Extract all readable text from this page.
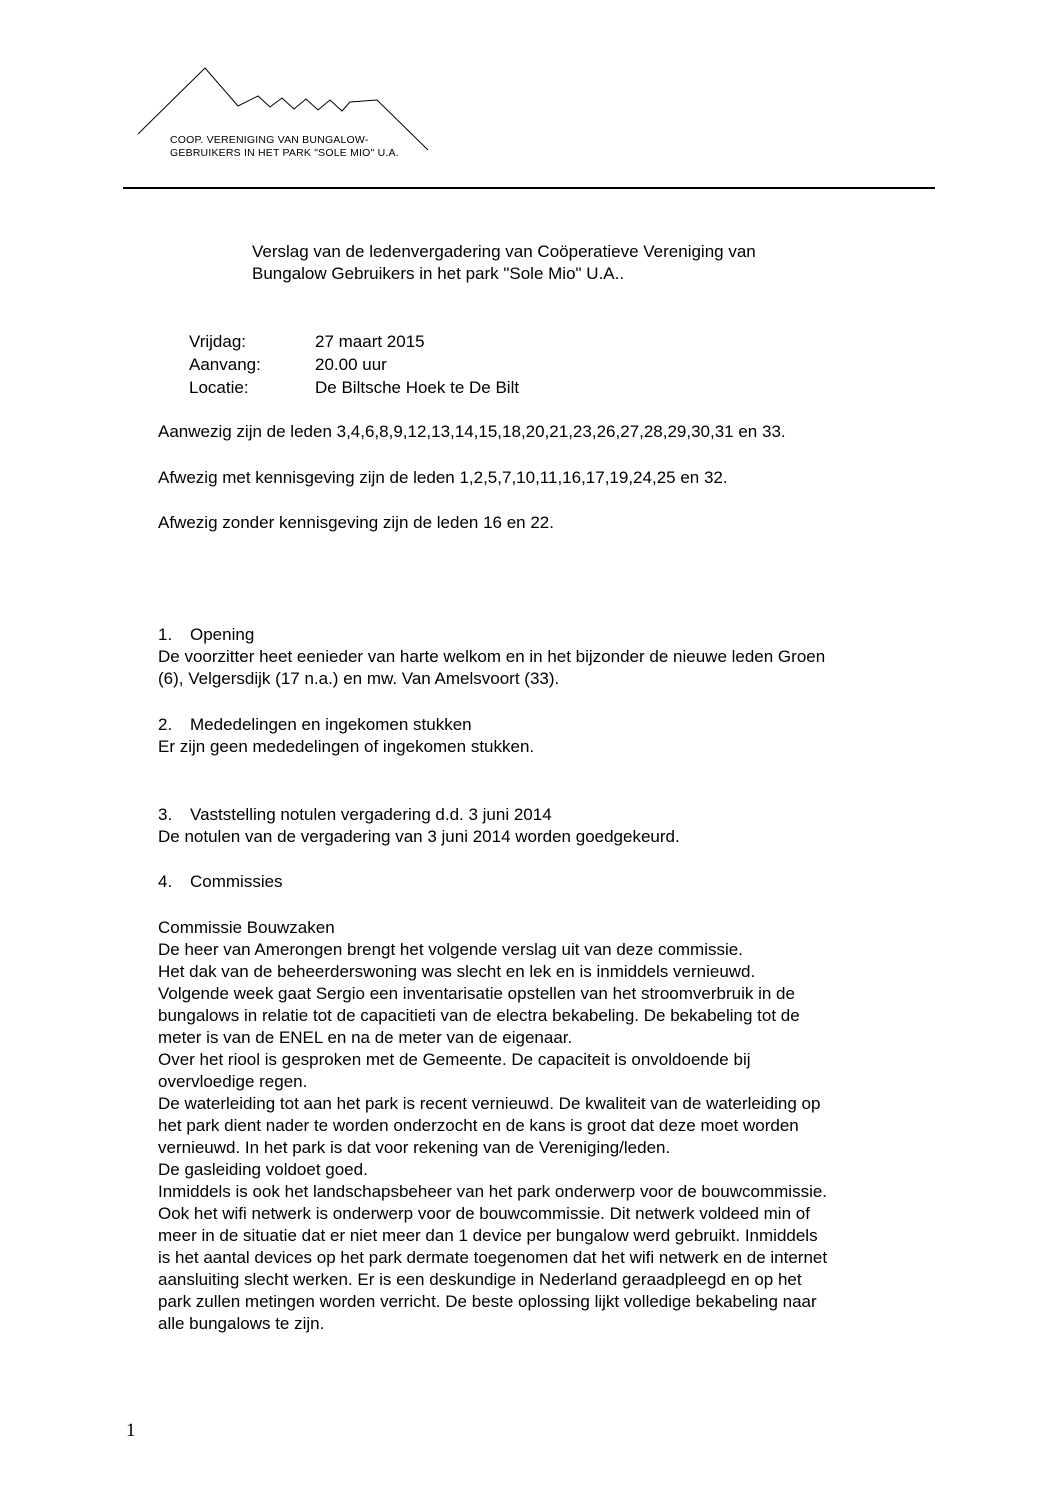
COOP. VERENIGING VAN BUNGALOW-
GEBRUIKERS IN HET PARK "SOLE MIO" U.A.
Verslag van de ledenvergadering van Coöperatieve Vereniging van
Bungalow Gebruikers in het park "Sole Mio" U.A..
Vrijdag:	27 maart 2015
Aanvang:	20.00 uur
Locatie:	De Biltsche Hoek te De Bilt
Aanwezig zijn de leden 3,4,6,8,9,12,13,14,15,18,20,21,23,26,27,28,29,30,31 en 33.
Afwezig met kennisgeving zijn de leden 1,2,5,7,10,11,16,17,19,24,25 en 32.
Afwezig zonder kennisgeving zijn de leden 16 en 22.
1.	Opening
De voorzitter heet eenieder van harte welkom en in het bijzonder de nieuwe leden Groen
(6), Velgersdijk (17 n.a.) en mw. Van Amelsvoort (33).
2.	Mededelingen en ingekomen stukken
Er zijn geen mededelingen of ingekomen stukken.
3.	Vaststelling notulen vergadering d.d. 3 juni 2014
De notulen van de vergadering van 3 juni 2014 worden goedgekeurd.
4.	Commissies
Commissie Bouwzaken
De heer van Amerongen brengt het volgende verslag uit van deze commissie.
Het dak van de beheerderswoning was slecht en lek en is inmiddels vernieuwd.
Volgende week gaat Sergio een inventarisatie opstellen van het stroomverbruik in de
bungalows in relatie tot de capacitieti van de electra bekabeling. De bekabeling tot de
meter is van de ENEL en na de meter van de eigenaar.
Over het riool is gesproken met de Gemeente. De capaciteit is onvoldoende bij
overvloedige regen.
De waterleiding tot aan het park is recent vernieuwd. De kwaliteit van de waterleiding op
het park dient nader te worden onderzocht en de kans is groot dat deze moet worden
vernieuwd. In het park is dat voor rekening van de Vereniging/leden.
De gasleiding voldoet goed.
Inmiddels is ook het landschapsbeheer van het park onderwerp voor de bouwcommissie.
Ook het wifi netwerk is onderwerp voor de bouwcommissie. Dit netwerk voldeed min of
meer in de situatie dat er niet meer dan 1 device per bungalow werd gebruikt. Inmiddels
is het aantal devices op het park dermate toegenomen dat het wifi netwerk en de internet
aansluiting slecht werken. Er is een deskundige in Nederland geraadpleegd en op het
park zullen metingen worden verricht. De beste oplossing lijkt volledige bekabeling naar
alle bungalows te zijn.
1
